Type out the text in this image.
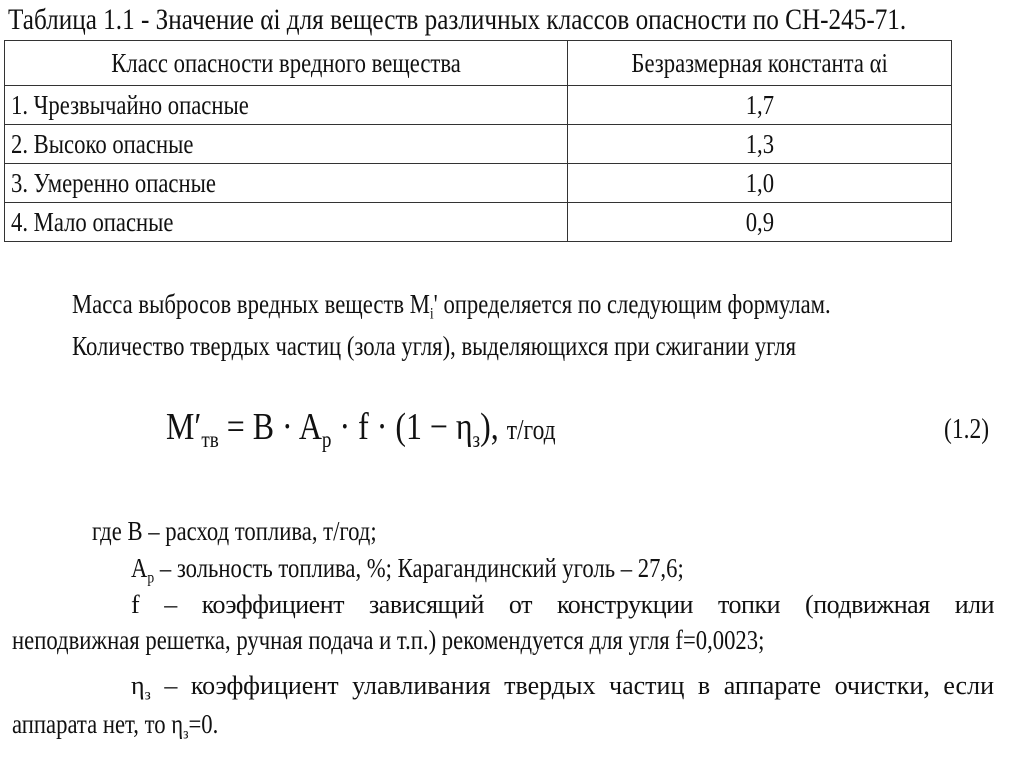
Таблица 1.1 - Значение αi для веществ различных классов опасности по СН-245-71.
Класс опасности вредного вещества	Безразмерная константа αi
1. Чрезвычайно опасные	1,7
2. Высоко опасные	1,3
3. Умеренно опасные	1,0
4. Мало опасные	0,9
Масса выбросов вредных веществ $M_i'$ определяется по следующим формулам.
Количество твердых частиц (зола угля), выделяющихся при сжигании угля
$M'_{тв} = B \cdot A_р \cdot f \cdot (1 - \eta_з)$, т/год	(1.2)
где B – расход топлива, т/год;
$A_р$ – зольность топлива, %; Карагандинский уголь – 27,6;
f – коэффициент зависящий от конструкции топки (подвижная или
неподвижная решетка, ручная подача и т.п.) рекомендуется для угля f=0,0023;
$\eta_з$ – коэффициент улавливания твердых частиц в аппарате очистки, если
аппарата нет, то $\eta_з=0$.
